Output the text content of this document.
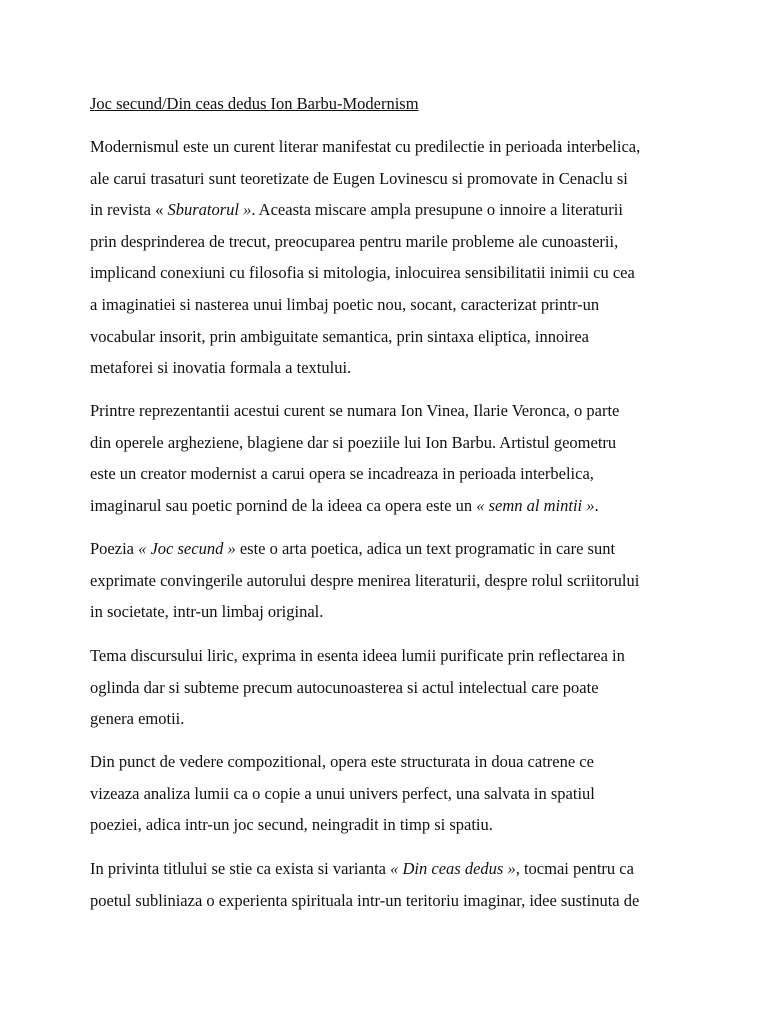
Joc secund/Din ceas dedus Ion Barbu-Modernism

Modernismul este un curent literar manifestat cu predilectie in perioada interbelica,
ale carui trasaturi sunt teoretizate de Eugen Lovinescu si promovate in Cenaclu si
in revista « Sburatorul ». Aceasta miscare ampla presupune o innoire a literaturii
prin desprinderea de trecut, preocuparea pentru marile probleme ale cunoasterii,
implicand conexiuni cu filosofia si mitologia, inlocuirea sensibilitatii inimii cu cea
a imaginatiei si nasterea unui limbaj poetic nou, socant, caracterizat printr-un
vocabular insorit, prin ambiguitate semantica, prin sintaxa eliptica, innoirea
metaforei si inovatia formala a textului.

Printre reprezentantii acestui curent se numara Ion Vinea, Ilarie Veronca, o parte
din operele argheziene, blagiene dar si poeziile lui Ion Barbu. Artistul geometru
este un creator modernist a carui opera se incadreaza in perioada interbelica,
imaginarul sau poetic pornind de la ideea ca opera este un « semn al mintii ».

Poezia « Joc secund » este o arta poetica, adica un text programatic in care sunt
exprimate convingerile autorului despre menirea literaturii, despre rolul scriitorului
in societate, intr-un limbaj original.

Tema discursului liric, exprima in esenta ideea lumii purificate prin reflectarea in
oglinda dar si subteme precum autocunoasterea si actul intelectual care poate
genera emotii.

Din punct de vedere compozitional, opera este structurata in doua catrene ce
vizeaza analiza lumii ca o copie a unui univers perfect, una salvata in spatiul
poeziei, adica intr-un joc secund, neingradit in timp si spatiu.

In privinta titlului se stie ca exista si varianta « Din ceas dedus », tocmai pentru ca
poetul subliniaza o experienta spirituala intr-un teritoriu imaginar, idee sustinuta de
